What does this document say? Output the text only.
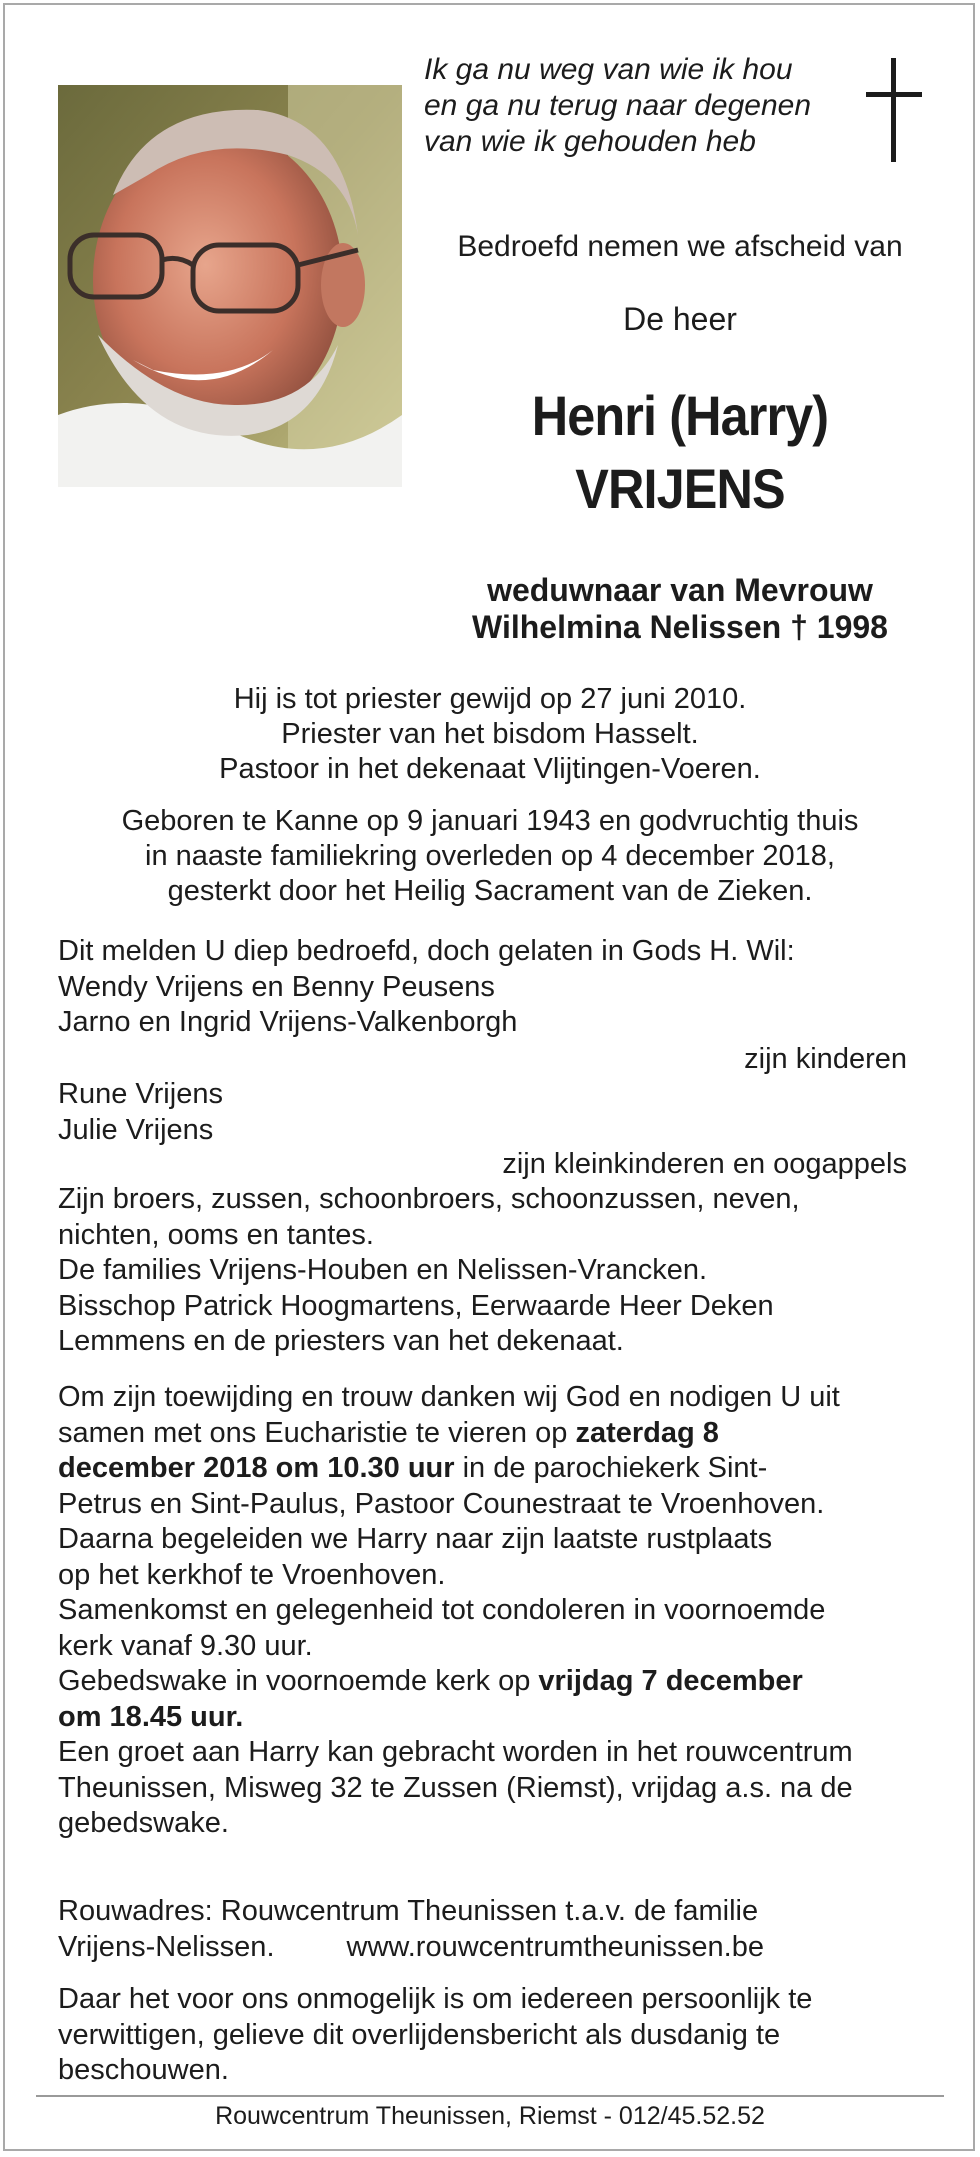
Ik ga nu weg van wie ik hou
en ga nu terug naar degenen
van wie ik gehouden heb
Bedroefd nemen we afscheid van
De heer
Henri (Harry)
VRIJENS
weduwnaar van Mevrouw
Wilhelmina Nelissen † 1998
Hij is tot priester gewijd op 27 juni 2010.
Priester van het bisdom Hasselt.
Pastoor in het dekenaat Vlijtingen-Voeren.
Geboren te Kanne op 9 januari 1943 en godvruchtig thuis
in naaste familiekring overleden op 4 december 2018,
gesterkt door het Heilig Sacrament van de Zieken.
Dit melden U diep bedroefd, doch gelaten in Gods H. Wil:
Wendy Vrijens en Benny Peusens
Jarno en Ingrid Vrijens-Valkenborgh
zijn kinderen
Rune Vrijens
Julie Vrijens
zijn kleinkinderen en oogappels
Zijn broers, zussen, schoonbroers, schoonzussen, neven,
nichten, ooms en tantes.
De families Vrijens-Houben en Nelissen-Vrancken.
Bisschop Patrick Hoogmartens, Eerwaarde Heer Deken
Lemmens en de priesters van het dekenaat.
Om zijn toewijding en trouw danken wij God en nodigen U uit
samen met ons Eucharistie te vieren op zaterdag 8
december 2018 om 10.30 uur in de parochiekerk Sint-
Petrus en Sint-Paulus, Pastoor Counestraat te Vroenhoven.
Daarna begeleiden we Harry naar zijn laatste rustplaats
op het kerkhof te Vroenhoven.
Samenkomst en gelegenheid tot condoleren in voornoemde
kerk vanaf 9.30 uur.
Gebedswake in voornoemde kerk op vrijdag 7 december
om 18.45 uur.
Een groet aan Harry kan gebracht worden in het rouwcentrum
Theunissen, Misweg 32 te Zussen (Riemst), vrijdag a.s. na de
gebedswake.
Rouwadres: Rouwcentrum Theunissen t.a.v. de familie
Vrijens-Nelissen. www.rouwcentrumtheunissen.be
Daar het voor ons onmogelijk is om iedereen persoonlijk te
verwittigen, gelieve dit overlijdensbericht als dusdanig te
beschouwen.
Rouwcentrum Theunissen, Riemst - 012/45.52.52
